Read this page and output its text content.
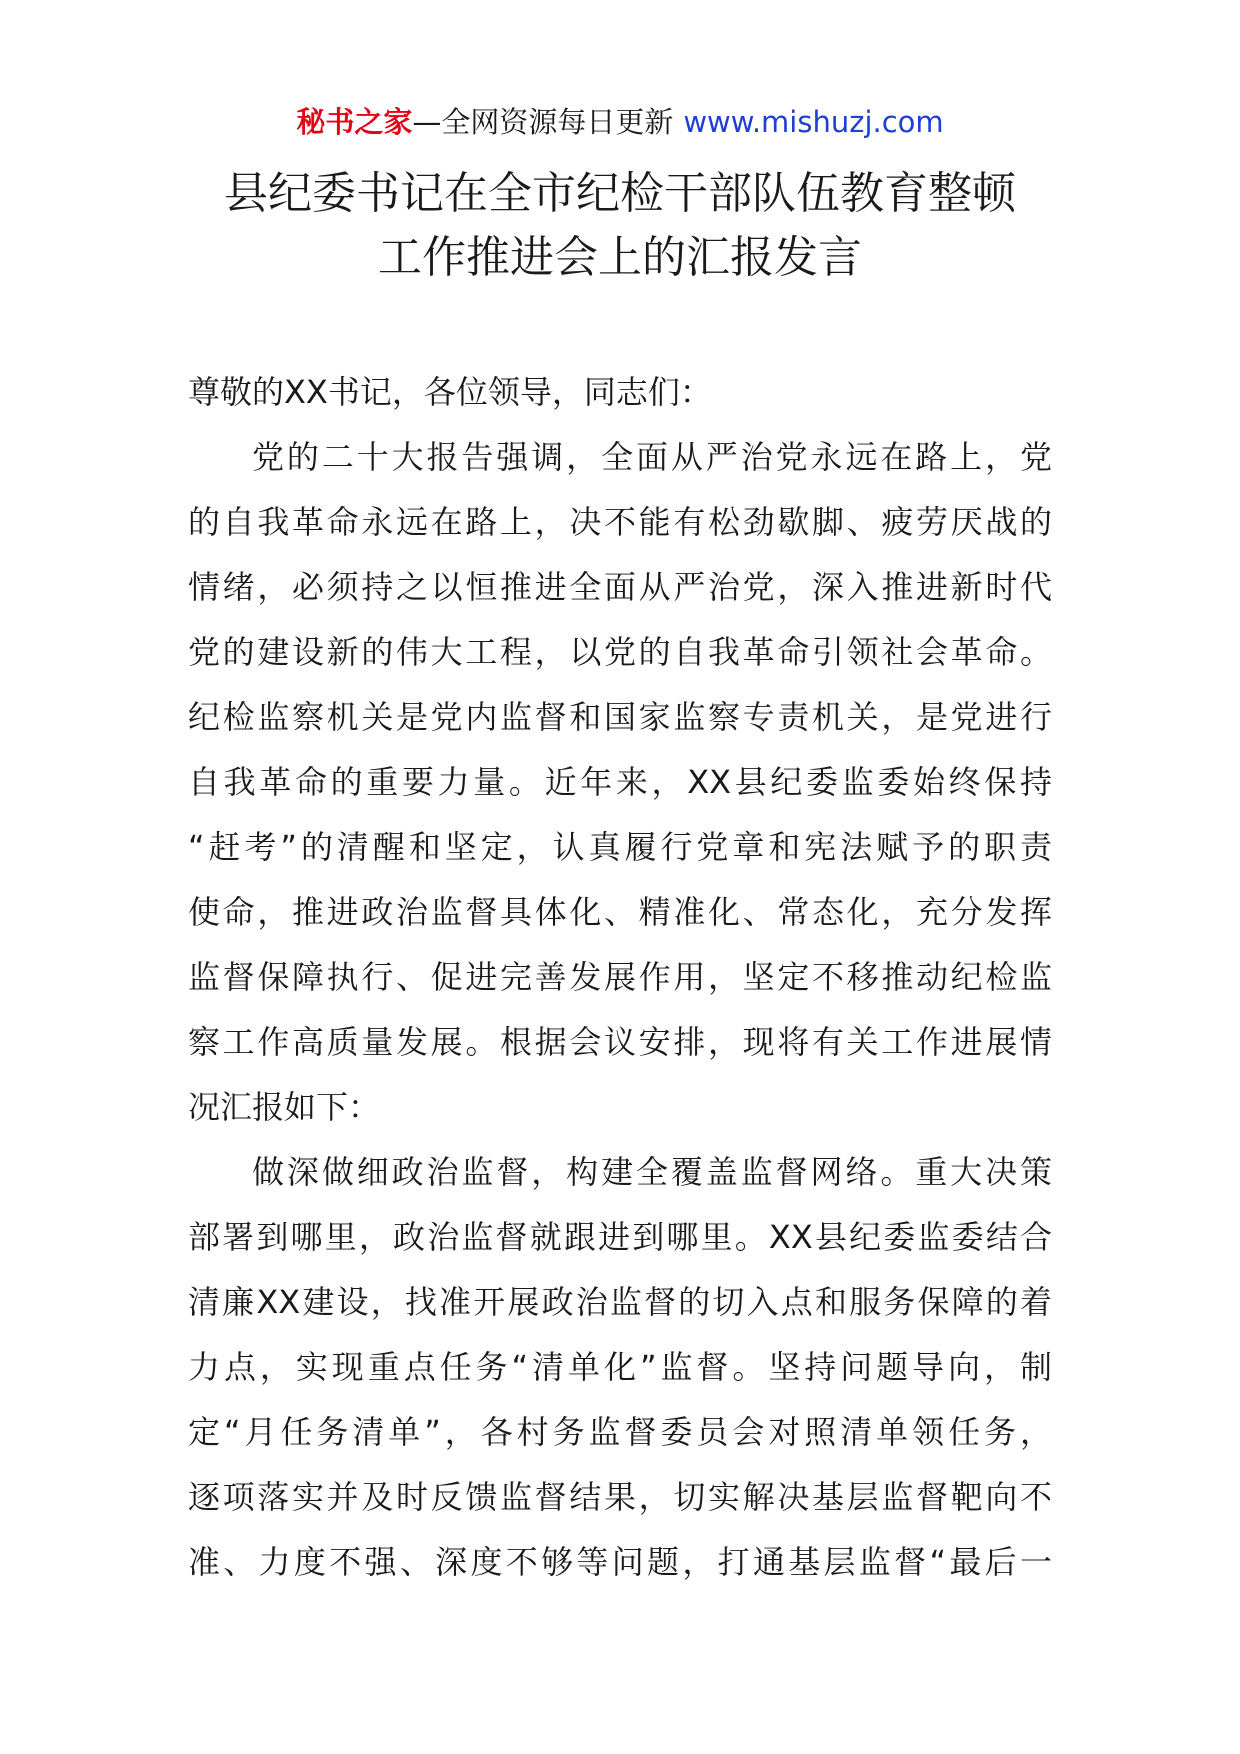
秘书之家—全网资源每日更新 www.mishuzj.com
县纪委书记在全市纪检干部队伍教育整顿
工作推进会上的汇报发言
尊敬的XX书记，各位领导，同志们：
党的二十大报告强调，全面从严治党永远在路上，党
的自我革命永远在路上，决不能有松劲歇脚、疲劳厌战的
情绪，必须持之以恒推进全面从严治党，深入推进新时代
党的建设新的伟大工程，以党的自我革命引领社会革命。
纪检监察机关是党内监督和国家监察专责机关，是党进行
自我革命的重要力量。近年来，XX县纪委监委始终保持
“赶考”的清醒和坚定，认真履行党章和宪法赋予的职责
使命，推进政治监督具体化、精准化、常态化，充分发挥
监督保障执行、促进完善发展作用，坚定不移推动纪检监
察工作高质量发展。根据会议安排，现将有关工作进展情
况汇报如下：
做深做细政治监督，构建全覆盖监督网络。重大决策
部署到哪里，政治监督就跟进到哪里。XX县纪委监委结合
清廉XX建设，找准开展政治监督的切入点和服务保障的着
力点，实现重点任务“清单化”监督。坚持问题导向，制
定“月任务清单”，各村务监督委员会对照清单领任务，
逐项落实并及时反馈监督结果，切实解决基层监督靶向不
准、力度不强、深度不够等问题，打通基层监督“最后一
